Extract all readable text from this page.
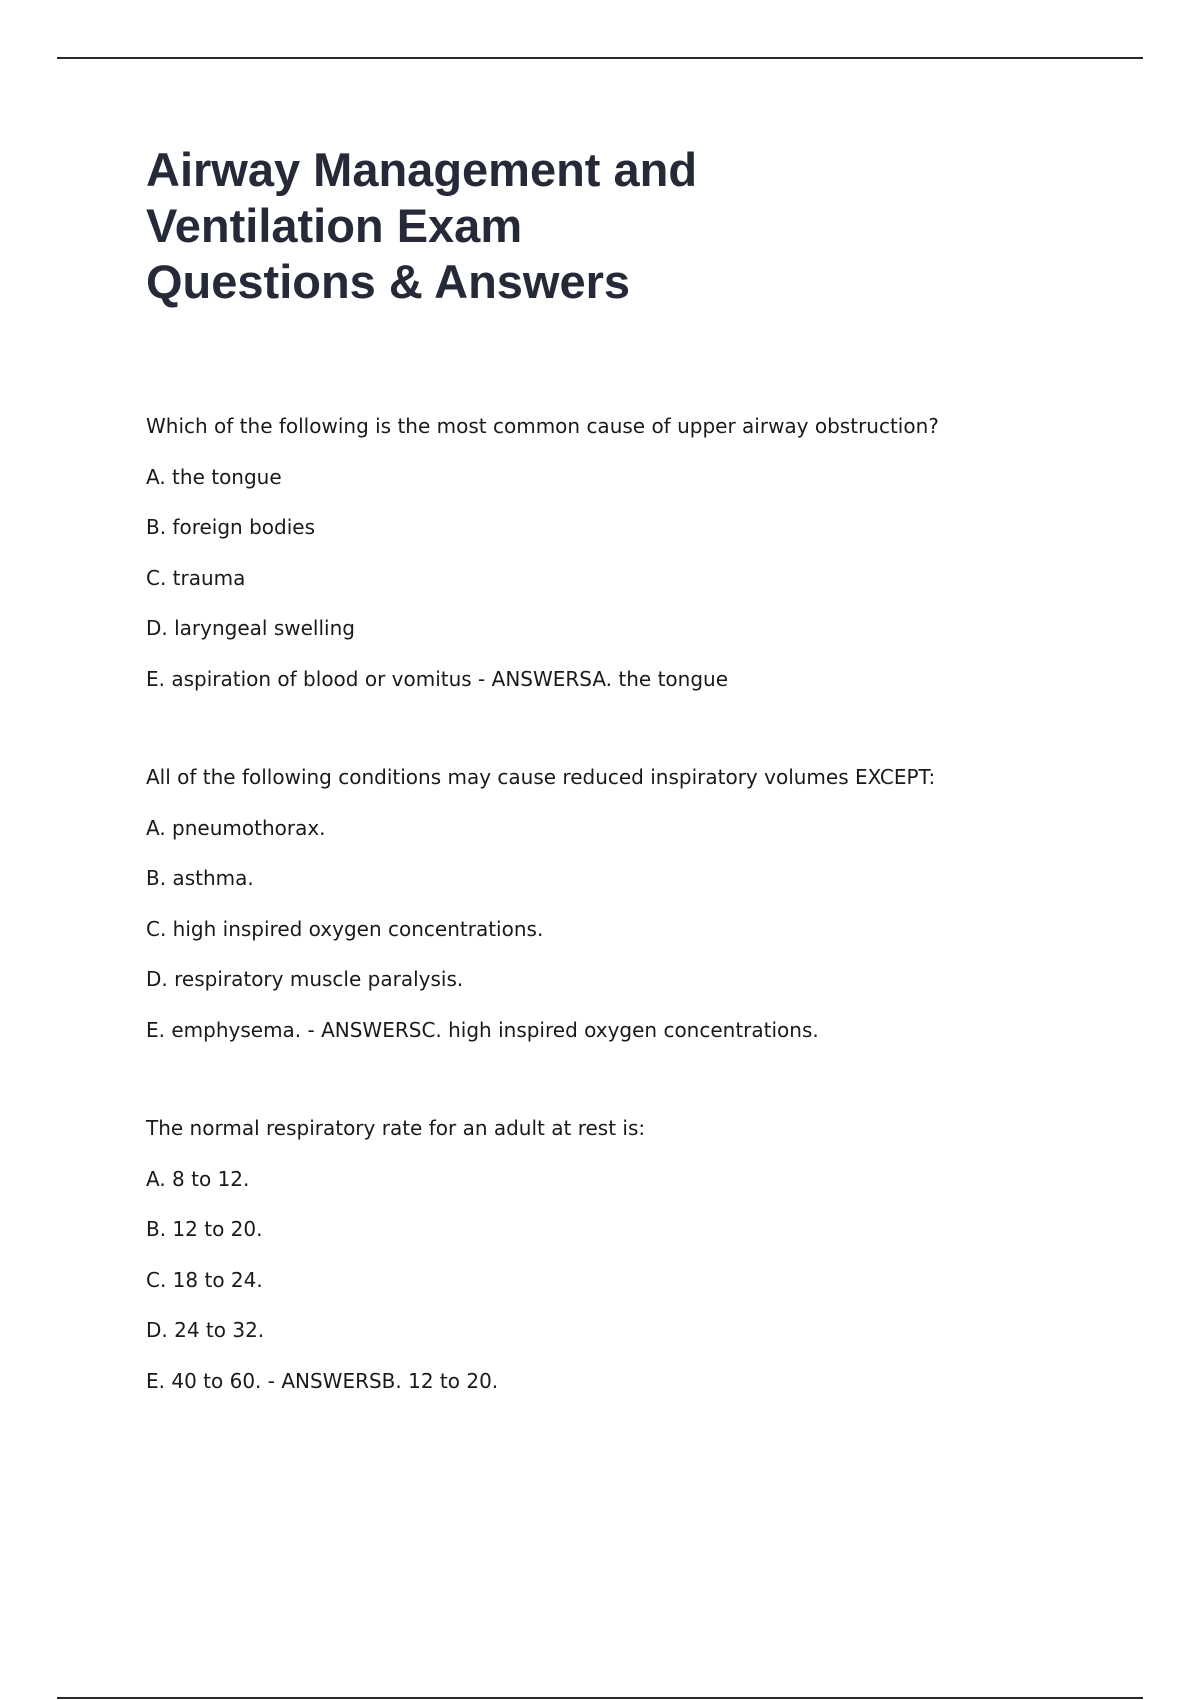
Airway Management and
Ventilation Exam
Questions & Answers

Which of the following is the most common cause of upper airway obstruction?

A. the tongue

B. foreign bodies

C. trauma

D. laryngeal swelling

E. aspiration of blood or vomitus - ANSWERSA. the tongue

All of the following conditions may cause reduced inspiratory volumes EXCEPT:

A. pneumothorax.

B. asthma.

C. high inspired oxygen concentrations.

D. respiratory muscle paralysis.

E. emphysema. - ANSWERSC. high inspired oxygen concentrations.

The normal respiratory rate for an adult at rest is:

A. 8 to 12.

B. 12 to 20.

C. 18 to 24.

D. 24 to 32.

E. 40 to 60. - ANSWERSB. 12 to 20.
